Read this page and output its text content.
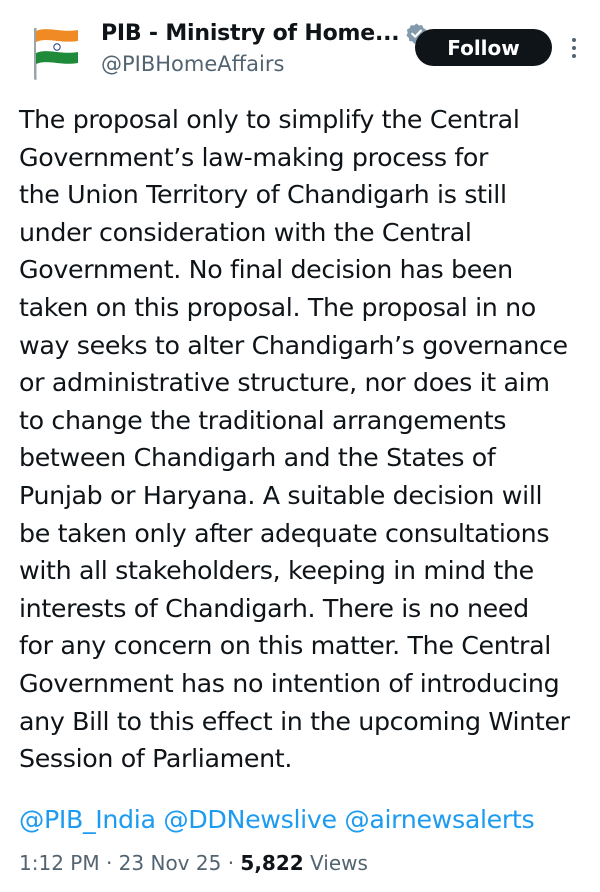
PIB - Ministry of Home...
@PIBHomeAffairs
Follow

The proposal only to simplify the Central
Government’s law-making process for
the Union Territory of Chandigarh is still
under consideration with the Central
Government. No final decision has been
taken on this proposal. The proposal in no
way seeks to alter Chandigarh’s governance
or administrative structure, nor does it aim
to change the traditional arrangements
between Chandigarh and the States of
Punjab or Haryana. A suitable decision will
be taken only after adequate consultations
with all stakeholders, keeping in mind the
interests of Chandigarh. There is no need
for any concern on this matter. The Central
Government has no intention of introducing
any Bill to this effect in the upcoming Winter
Session of Parliament.

@PIB_India @DDNewslive @airnewsalerts
1:12 PM · 23 Nov 25 · 5,822 Views
